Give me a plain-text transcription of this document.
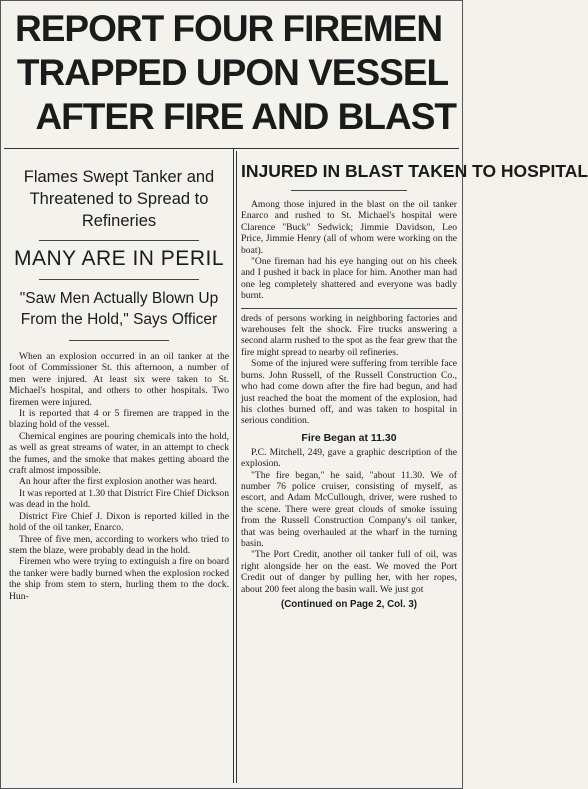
REPORT FOUR FIREMEN
TRAPPED UPON VESSEL
AFTER FIRE AND BLAST
Flames Swept Tanker and Threatened to Spread to Refineries
MANY ARE IN PERIL
"Saw Men Actually Blown Up From the Hold," Says Officer

When an explosion occurred in an oil tanker at the foot of Commissioner St. this afternoon, a number of men were injured. At least six were taken to St. Michael's hospital, and others to other hospitals. Two firemen were injured.

It is reported that 4 or 5 firemen are trapped in the blazing hold of the vessel.

Chemical engines are pouring chemicals into the hold, as well as great streams of water, in an attempt to check the fumes, and the smoke that makes getting aboard the craft almost impossible.

An hour after the first explosion another was heard.

It was reported at 1.30 that District Fire Chief Dickson was dead in the hold.

District Fire Chief J. Dixon is reported killed in the hold of the oil tanker, Enarco.

Three of five men, according to workers who tried to stem the blaze, were probably dead in the hold.

Firemen who were trying to extinguish a fire on board the tanker were badly burned when the explosion rocked the ship from stem to stern, hurling them to the dock. Hun-

INJURED IN BLAST TAKEN TO HOSPITAL

Among those injured in the blast on the oil tanker Enarco and rushed to St. Michael's hospital were Clarence "Buck" Sedwick; Jimmie Davidson, Leo Price, Jimmie Henry (all of whom were working on the boat).

"One fireman had his eye hanging out on his cheek and I pushed it back in place for him. Another man had one leg completely shattered and everyone was badly burnt.

dreds of persons working in neighboring factories and warehouses felt the shock. Fire trucks answering a second alarm rushed to the spot as the fear grew that the fire might spread to nearby oil refineries.

Some of the injured were suffering from terrible face burns. John Russell, of the Russell Construction Co., who had come down after the fire had begun, and had just reached the boat the moment of the explosion, had his clothes burned off, and was taken to hospital in serious condition.

Fire Began at 11.30

P.C. Mitchell, 249, gave a graphic description of the explosion.

"The fire began," he said, "about 11.30. We of number 76 police cruiser, consisting of myself, as escort, and Adam McCullough, driver, were rushed to the scene. There were great clouds of smoke issuing from the Russell Construction Company's oil tanker, that was being overhauled at the wharf in the turning basin.

"The Port Credit, another oil tanker full of oil, was right alongside her on the east. We moved the Port Credit out of danger by pulling her, with her ropes, about 200 feet along the basin wall. We just got

(Continued on Page 2, Col. 3)
